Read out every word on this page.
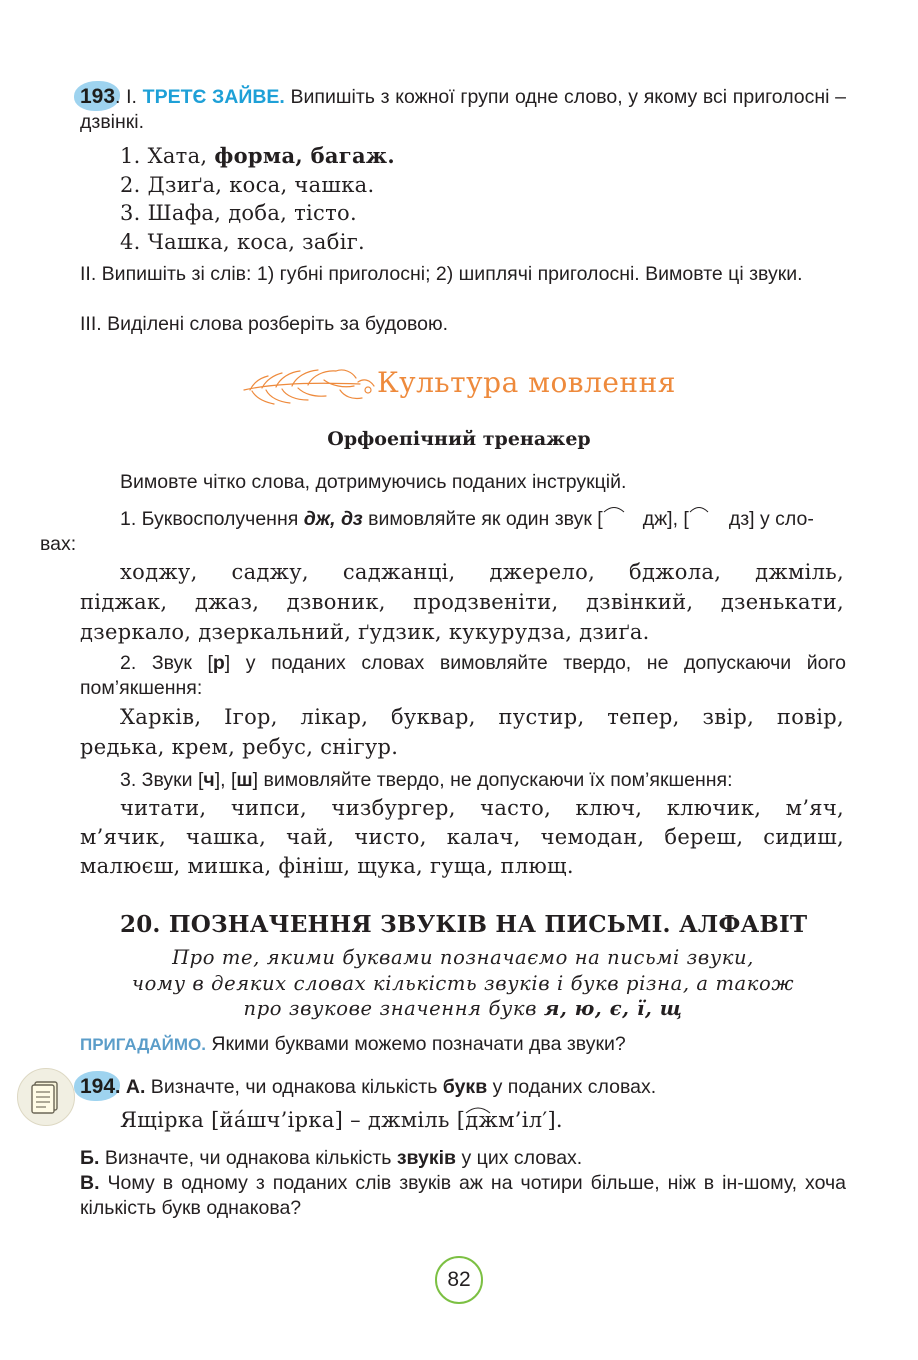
193. І. ТРЕТЄ ЗАЙВЕ. Випишіть з кожної групи одне слово, у якому всі приголосні – дзвінкі.
1. Хата, форма, багаж.
2. Дзиґа, коса, чашка.
3. Шафа, доба, тісто.
4. Чашка, коса, забіг.
ІІ. Випишіть зі слів: 1) губні приголосні; 2) шиплячі приголосні. Вимовте ці звуки.
ІІІ. Виділені слова розберіть за будовою.
Культура мовлення
Орфоепічний тренажер
Вимовте чітко слова, дотримуючись поданих інструкцій.
1. Буквосполучення дж, дз вимовляйте як один звук [ дж
], [ дз
] у сло-
вах:
ходжу, саджу, саджанці, джерело, бджола, джміль,
піджак, джаз, дзвоник, продзвеніти, дзвінкий, дзенькати,
дзеркало, дзеркальний, ґудзик, кукурудза, дзиґа.
2. Звук [р] у поданих словах вимовляйте твердо, не допускаючи його пом’якшення:
Харків, Ігор, лікар, буквар, пустир, тепер, звір, повір,
редька, крем, ребус, снігур.
3. Звуки [ч], [ш] вимовляйте твердо, не допускаючи їх пом’якшення:
читати, чипси, чизбургер, часто, ключ, ключик, м’яч,
м’ячик, чашка, чай, чисто, калач, чемодан, береш, сидиш,
малюєш, мишка, фініш, щука, гуща, плющ.
20. ПОЗНАЧЕННЯ ЗВУКІВ НА ПИСЬМІ. АЛФАВІТ
Про те, якими буквами позначаємо на письмі звуки,
чому в деяких словах кількість звуків і букв різна, а також
про звукове значення букв я, ю, є, ї, щ
ПРИГАДАЙМО. Якими буквами можемо позначати два звуки?
194. А. Визначте, чи однакова кількість букв у поданих словах.
Ящірка [йáшч’ірка] – джміль [дж
м’іл′].
Б. Визначте, чи однакова кількість звуків у цих словах.
В. Чому в одному з поданих слів звуків аж на чотири більше, ніж в ін-шому, хоча кількість букв однакова?
82
